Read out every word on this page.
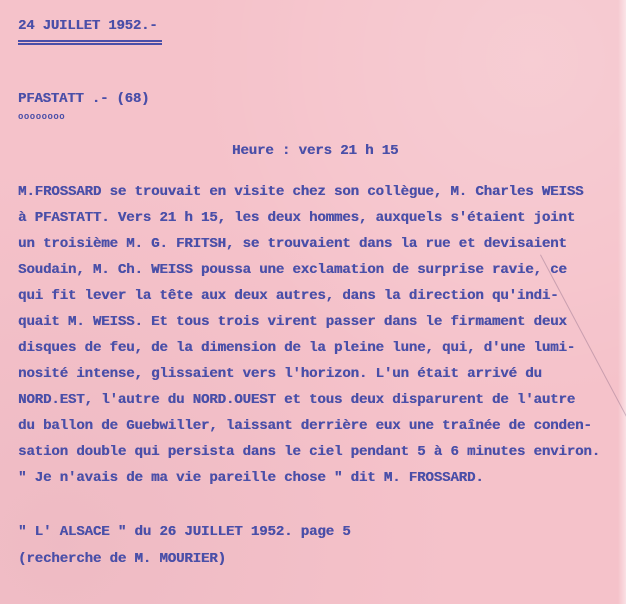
24 JUILLET 1952.-
PFASTATT .- (68)
oooooooo
Heure : vers 21 h 15
M.FROSSARD se trouvait en visite chez son collègue, M. Charles WEISS
à PFASTATT. Vers 21 h 15, les deux hommes, auxquels s'étaient joint
un troisième M. G. FRITSH, se trouvaient dans la rue et devisaient
Soudain, M. Ch. WEISS poussa une exclamation de surprise ravie, ce
qui fit lever la tête aux deux autres, dans la direction qu'indi-
quait M. WEISS. Et tous trois virent passer dans le firmament deux
disques de feu, de la dimension de la pleine lune, qui, d'une lumi-
nosité intense, glissaient vers l'horizon. L'un était arrivé du
NORD.EST, l'autre du NORD.OUEST et tous deux disparurent de l'autre
du ballon de Guebwiller, laissant derrière eux une traînée de conden-
sation double qui persista dans le ciel pendant 5 à 6 minutes environ.
" Je n'avais de ma vie pareille chose " dit M. FROSSARD.
" L' ALSACE " du 26 JUILLET 1952. page 5
(recherche de M. MOURIER)
